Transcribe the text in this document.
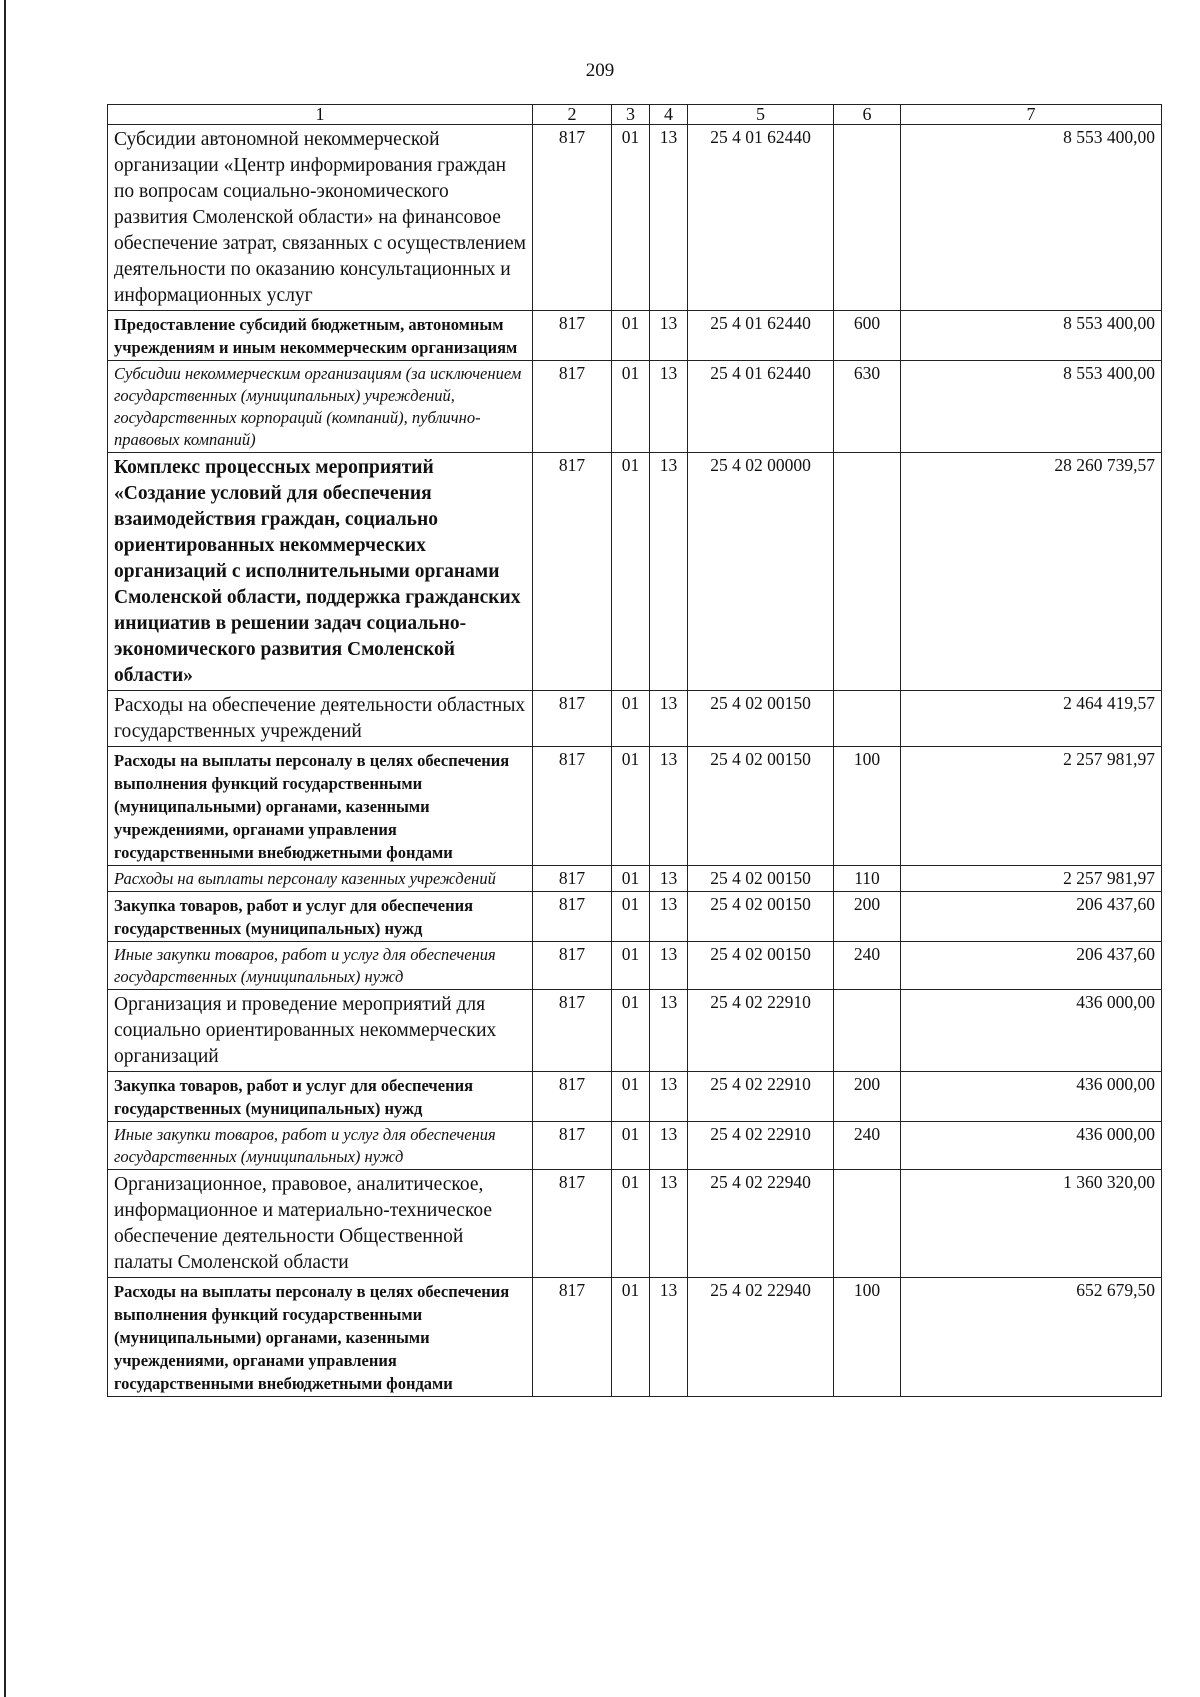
209
1	2	3	4	5	6	7
Субсидии автономной некоммерческой организации «Центр информирования граждан по вопросам социально-экономического развития Смоленской области» на финансовое обеспечение затрат, связанных с осуществлением деятельности по оказанию консультационных и информационных услуг	817	01	13	25 4 01 62440		8 553 400,00
Предоставление субсидий бюджетным, автономным учреждениям и иным некоммерческим организациям	817	01	13	25 4 01 62440	600	8 553 400,00
Субсидии некоммерческим организациям (за исключением государственных (муниципальных) учреждений, государственных корпораций (компаний), публично-правовых компаний)	817	01	13	25 4 01 62440	630	8 553 400,00
Комплекс процессных мероприятий «Создание условий для обеспечения взаимодействия граждан, социально ориентированных некоммерческих организаций с исполнительными органами Смоленской области, поддержка гражданских инициатив в решении задач социально-экономического развития Смоленской области»	817	01	13	25 4 02 00000		28 260 739,57
Расходы на обеспечение деятельности областных государственных учреждений	817	01	13	25 4 02 00150		2 464 419,57
Расходы на выплаты персоналу в целях обеспечения выполнения функций государственными (муниципальными) органами, казенными учреждениями, органами управления государственными внебюджетными фондами	817	01	13	25 4 02 00150	100	2 257 981,97
Расходы на выплаты персоналу казенных учреждений	817	01	13	25 4 02 00150	110	2 257 981,97
Закупка товаров, работ и услуг для обеспечения государственных (муниципальных) нужд	817	01	13	25 4 02 00150	200	206 437,60
Иные закупки товаров, работ и услуг для обеспечения государственных (муниципальных) нужд	817	01	13	25 4 02 00150	240	206 437,60
Организация и проведение мероприятий для социально ориентированных некоммерческих организаций	817	01	13	25 4 02 22910		436 000,00
Закупка товаров, работ и услуг для обеспечения государственных (муниципальных) нужд	817	01	13	25 4 02 22910	200	436 000,00
Иные закупки товаров, работ и услуг для обеспечения государственных (муниципальных) нужд	817	01	13	25 4 02 22910	240	436 000,00
Организационное, правовое, аналитическое, информационное и материально-техническое обеспечение деятельности Общественной палаты Смоленской области	817	01	13	25 4 02 22940		1 360 320,00
Расходы на выплаты персоналу в целях обеспечения выполнения функций государственными (муниципальными) органами, казенными учреждениями, органами управления государственными внебюджетными фондами	817	01	13	25 4 02 22940	100	652 679,50
